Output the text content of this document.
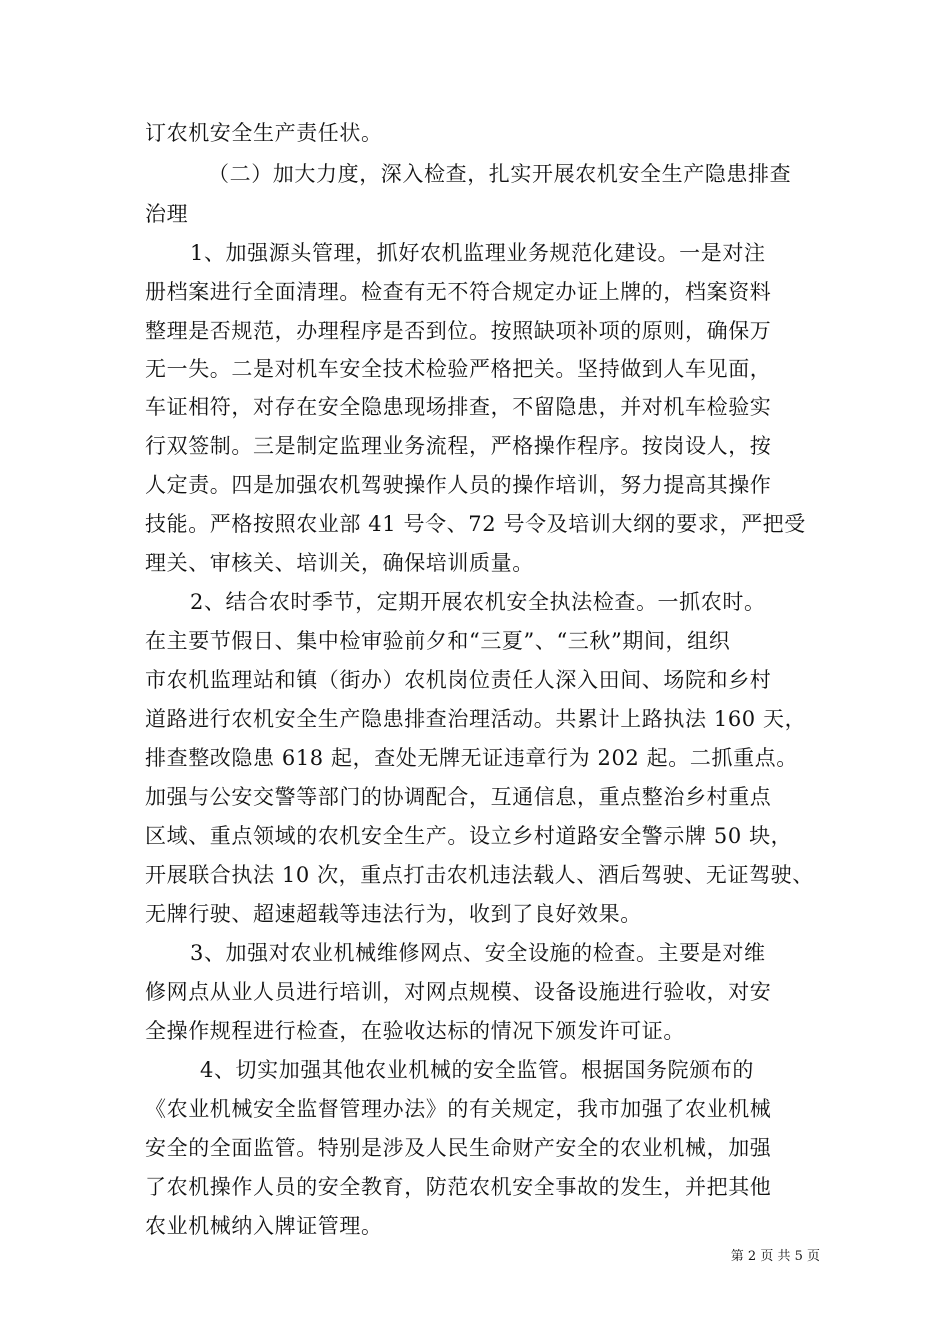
订农机安全生产责任状。
（二）加大力度，深入检查，扎实开展农机安全生产隐患排查
治理
1、加强源头管理，抓好农机监理业务规范化建设。一是对注
册档案进行全面清理。检查有无不符合规定办证上牌的，档案资料
整理是否规范，办理程序是否到位。按照缺项补项的原则，确保万
无一失。二是对机车安全技术检验严格把关。坚持做到人车见面，
车证相符，对存在安全隐患现场排查，不留隐患，并对机车检验实
行双签制。三是制定监理业务流程，严格操作程序。按岗设人，按
人定责。四是加强农机驾驶操作人员的操作培训，努力提高其操作
技能。严格按照农业部 41 号令、72 号令及培训大纲的要求，严把受
理关、审核关、培训关，确保培训质量。
2、结合农时季节，定期开展农机安全执法检查。一抓农时。
在主要节假日、集中检审验前夕和“三夏”、“三秋”期间，组织
市农机监理站和镇（街办）农机岗位责任人深入田间、场院和乡村
道路进行农机安全生产隐患排查治理活动。共累计上路执法 160 天，
排查整改隐患 618 起，查处无牌无证违章行为 202 起。二抓重点。
加强与公安交警等部门的协调配合，互通信息，重点整治乡村重点
区域、重点领域的农机安全生产。设立乡村道路安全警示牌 50 块，
开展联合执法 10 次，重点打击农机违法载人、酒后驾驶、无证驾驶、
无牌行驶、超速超载等违法行为，收到了良好效果。
3、加强对农业机械维修网点、安全设施的检查。主要是对维
修网点从业人员进行培训，对网点规模、设备设施进行验收，对安
全操作规程进行检查，在验收达标的情况下颁发许可证。
4、切实加强其他农业机械的安全监管。根据国务院颁布的
《农业机械安全监督管理办法》的有关规定，我市加强了农业机械
安全的全面监管。特别是涉及人民生命财产安全的农业机械，加强
了农机操作人员的安全教育，防范农机安全事故的发生，并把其他
农业机械纳入牌证管理。
第 2 页 共 5 页
